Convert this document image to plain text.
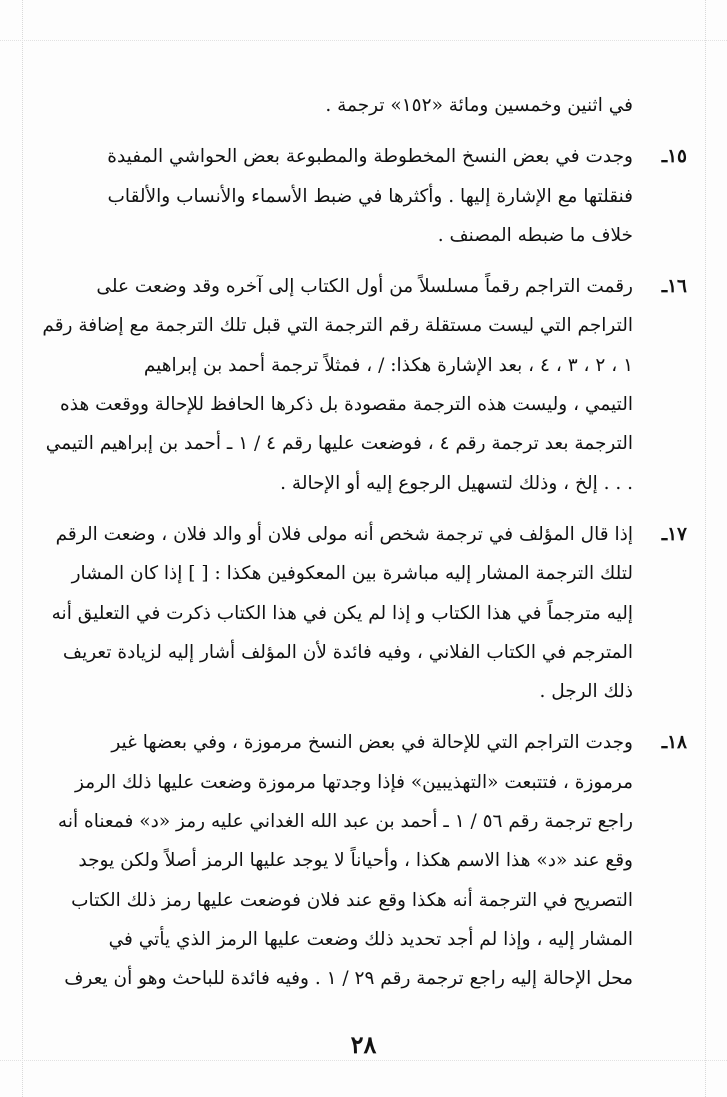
في اثنين وخمسين ومائة «١٥٢» ترجمة .
١٥ـ
وجدت في بعض النسخ المخطوطة والمطبوعة بعض الحواشي المفيدة
فنقلتها مع الإشارة إليها . وأكثرها في ضبط الأسماء والأنساب والألقاب
خلاف ما ضبطه المصنف .
١٦ـ
رقمت التراجم رقماً مسلسلاً من أول الكتاب إلى آخره وقد وضعت على
التراجم التي ليست مستقلة رقم الترجمة التي قبل تلك الترجمة مع إضافة رقم
١ ، ٢ ، ٣ ، ٤ ، بعد الإشارة هكذا: / ، فمثلاً ترجمة أحمد بن إبراهيم
التيمي ، وليست هذه الترجمة مقصودة بل ذكرها الحافظ للإحالة ووقعت هذه
الترجمة بعد ترجمة رقم ٤ ، فوضعت عليها رقم ٤ / ١ ـ أحمد بن إبراهيم التيمي
. . . إلخ ، وذلك لتسهيل الرجوع إليه أو الإحالة .
١٧ـ
إذا قال المؤلف في ترجمة شخص أنه مولى فلان أو والد فلان ، وضعت الرقم
لتلك الترجمة المشار إليه مباشرة بين المعكوفين هكذا : [ ] إذا كان المشار
إليه مترجماً في هذا الكتاب و إذا لم يكن في هذا الكتاب ذكرت في التعليق أنه
المترجم في الكتاب الفلاني ، وفيه فائدة لأن المؤلف أشار إليه لزيادة تعريف
ذلك الرجل .
١٨ـ
وجدت التراجم التي للإحالة في بعض النسخ مرموزة ، وفي بعضها غير
مرموزة ، فتتبعت «التهذيبين» فإذا وجدتها مرموزة وضعت عليها ذلك الرمز
راجع ترجمة رقم ٥٦ / ١ ـ أحمد بن عبد الله الغداني عليه رمز «د» فمعناه أنه
وقع عند «د» هذا الاسم هكذا ، وأحياناً لا يوجد عليها الرمز أصلاً ولكن يوجد
التصريح في الترجمة أنه هكذا وقع عند فلان فوضعت عليها رمز ذلك الكتاب
المشار إليه ، وإذا لم أجد تحديد ذلك وضعت عليها الرمز الذي يأتي في
محل الإحالة إليه راجع ترجمة رقم ٢٩ / ١ . وفيه فائدة للباحث وهو أن يعرف
٢٨
